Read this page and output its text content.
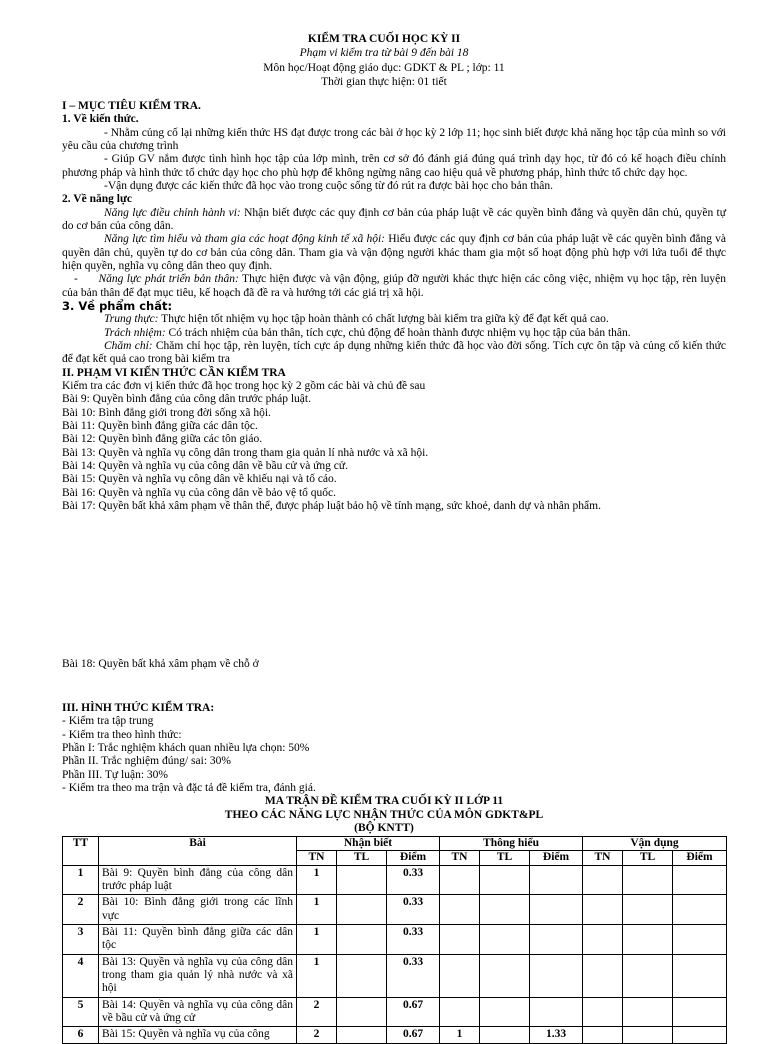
KIỂM TRA CUỐI HỌC KỲ II
Phạm vi kiểm tra từ bài 9 đến bài 18
Môn học/Hoạt động giáo dục: GDKT & PL ; lớp: 11
Thời gian thực hiện: 01 tiết

I – MỤC TIÊU KIỂM TRA.

1. Về kiến thức.

- Nhằm củng cố lại những kiến thức HS đạt được trong các bài ở học kỳ 2 lớp 11; học sinh biết được khả năng học tập của mình so với yêu cầu của chương trình

- Giúp GV nắm được tình hình học tập của lớp mình, trên cơ sở đó đánh giá đúng quá trình dạy học, từ đó có kế hoạch điều chỉnh phương pháp và hình thức tổ chức dạy học cho phù hợp để không ngừng nâng cao hiệu quả về phương pháp, hình thức tổ chức dạy học.

-Vận dụng được các kiến thức đã học vào trong cuộc sống từ đó rút ra được bài học cho bản thân.

2. Về năng lực

Năng lực điều chỉnh hành vi: Nhận biết được các quy định cơ bản của pháp luật về các quyền bình đẳng và quyền dân chủ, quyền tự do cơ bản của công dân.

Năng lực tìm hiểu và tham gia các hoạt động kinh tế xã hội: Hiểu được các quy định cơ bản của pháp luật về các quyền bình đẳng và quyền dân chủ, quyền tự do cơ bản của công dân. Tham gia và vận động người khác tham gia một số hoạt động phù hợp với lứa tuổi để thực hiện quyền, nghĩa vụ công dân theo quy định.

-      Năng lực phát triển bản thân: Thực hiện được và vận động, giúp đỡ người khác thực hiện các công việc, nhiệm vụ học tập, rèn luyện của bản thân để đạt mục tiêu, kế hoạch đã đề ra và hướng tới các giá trị xã hội.

3. Về phẩm chất:

Trung thực: Thực hiện tốt nhiệm vụ học tập hoàn thành có chất lượng bài kiểm tra giữa kỳ để đạt kết quả cao.

Trách nhiệm: Có trách nhiệm của bản thân, tích cực, chủ động để hoàn thành được nhiệm vụ học tập của bản thân.

Chăm chỉ: Chăm chỉ học tập, rèn luyện, tích cực áp dụng những kiến thức đã học vào đời sống. Tích cực ôn tập và củng cố kiến thức để đạt kết quả cao trong bài kiểm tra

II. PHẠM VI KIẾN THỨC CẦN KIỂM TRA

Kiểm tra các đơn vị kiến thức đã học trong học kỳ 2 gồm các bài và chủ đề sau

Bài 9: Quyền bình đẳng của công dân trước pháp luật.

Bài 10: Bình đẳng giới trong đời sống xã hội.

Bài 11: Quyền bình đẳng giữa các dân tộc.

Bài 12: Quyền bình đẳng giữa các tôn giáo.

Bài 13: Quyền và nghĩa vụ công dân trong tham gia quản lí nhà nước và xã hội.

Bài 14: Quyền và nghĩa vụ của công dân về bầu cử và ứng cử.

Bài 15: Quyền và nghĩa vụ công dân về khiếu nại và tố cáo.

Bài 16: Quyền và nghĩa vụ của công dân về bảo vệ tổ quốc.

Bài 17: Quyền bất khả xâm phạm về thân thể, được pháp luật bảo hộ về tính mạng, sức khoẻ, danh dự và nhân phẩm.

Bài 18: Quyền bất khả xâm phạm về chỗ ở

III. HÌNH THỨC KIỂM TRA:

- Kiểm tra tập trung

- Kiểm tra theo hình thức:

Phần I: Trắc nghiệm khách quan nhiều lựa chọn: 50%

Phần II. Trắc nghiệm đúng/ sai: 30%

Phần III. Tự luận: 30%

- Kiểm tra theo ma trận và đặc tả đề kiểm tra, đánh giá.

MA TRẬN ĐỀ KIỂM TRA CUỐI KỲ II LỚP 11
THEO CÁC NĂNG LỰC NHẬN THỨC CỦA MÔN GDKT&PL
(BỘ KNTT)
TT	Bài	Nhận biết			Thông hiểu			Vận dụng		
		TN	TL	Điểm	TN	TL	Điểm	TN	TL	Điểm
1	Bài 9: Quyền bình đẳng của công dân trước pháp luật	1		0.33						
2	Bài 10: Bình đẳng giới trong các lĩnh vực	1		0.33						
3	Bài 11: Quyền bình đẳng giữa các dân tộc	1		0.33						
4	Bài 13: Quyền và nghĩa vụ của công dân trong tham gia quản lý nhà nước và xã hội	1		0.33						
5	Bài 14: Quyền và nghĩa vụ của công dân về bầu cử và ứng cử	2		0.67						
6	Bài 15: Quyền và nghĩa vụ của công	2		0.67	1		1.33			
